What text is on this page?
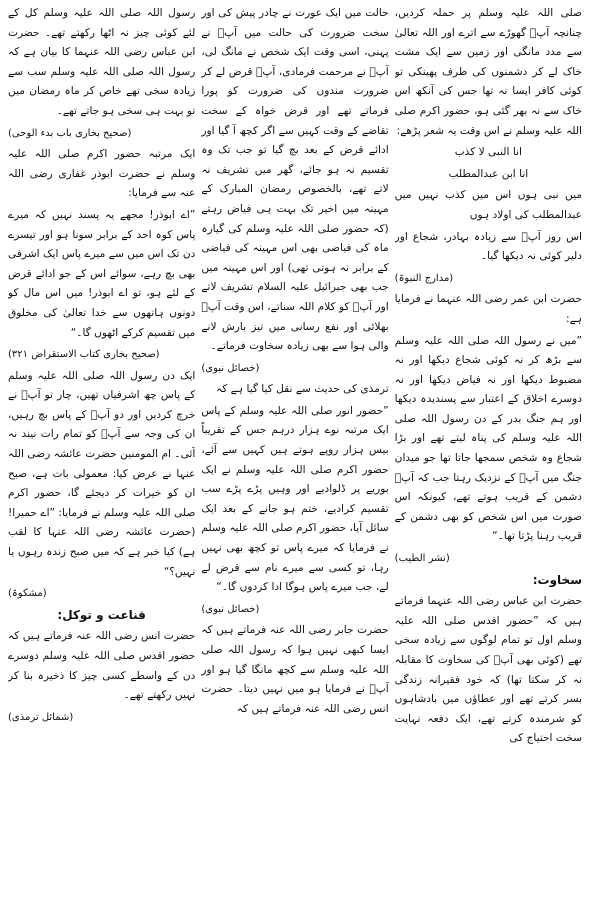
صلی اللہ علیہ وسلم پر حملہ کردیں، چنانچہ آپؐ گھوڑے سے اترے اور اللہ تعالیٰ سے مدد مانگی اور زمین سے ایک مشت خاک لے کر دشمنوں کی طرف پھینکی تو کوئی کافر ایسا نہ تھا جس کی آنکھ اس خاک سے نہ بھر گئی ہو، حضور اکرم صلی اللہ علیہ وسلم نے اس وقت یہ شعر پڑھے:

انا النبی لا کذب

انا ابن عبدالمطلب

میں نبی ہوں اس میں کذب نہیں میں عبدالمطلب کی اولاد ہوں

اس روز آپؐ سے زیادہ بہادر، شجاع اور دلیر کوئی نہ دیکھا گیا۔

(مدارج النبوۃ)

حضرت ابن عمر رضی اللہ عنہما نے فرمایا ہے:

”میں نے رسول اللہ صلی اللہ علیہ وسلم سے بڑھ کر نہ کوئی شجاع دیکھا اور نہ مضبوط دیکھا اور نہ فیاض دیکھا اور نہ دوسرے اخلاق کے اعتبار سے پسندیدہ دیکھا اور ہم جنگ بدر کے دن رسول اللہ صلی اللہ علیہ وسلم کی پناہ لیتے تھے اور بڑا شجاع وہ شخص سمجھا جاتا تھا جو میدان جنگ میں آپؐ کے نزدیک رہتا جب کہ آپؐ دشمن کے قریب ہوتے تھے، کیونکہ اس صورت میں اس شخص کو بھی دشمن کے قریب رہنا پڑتا تھا۔“

(نشر الطیب)

سخاوت:

حضرت ابن عباس رضی اللہ عنہما فرماتے ہیں کہ ”حضور اقدس صلی اللہ علیہ وسلم اول تو تمام لوگوں سے زیادہ سخی تھے (کوئی بھی آپؐ کی سخاوت کا مقابلہ نہ کر سکتا تھا) کہ خود فقیرانہ زندگی بسر کرتے تھے اور عطاؤں میں بادشاہوں کو شرمندہ کرتے تھے، ایک دفعہ نہایت سخت احتیاج کی

حالت میں ایک عورت نے چادر پیش کی اور سخت ضرورت کی حالت میں آپؐ نے پہنی، اسی وقت ایک شخص نے مانگ لی، آپؐ نے مرحمت فرمادی، آپؐ قرض لے کر ضرورت مندوں کی ضرورت کو پورا فرماتے تھے اور قرض خواہ کے سخت تقاضے کے وقت کہیں سے اگر کچھ آ گیا اور ادائے قرض کے بعد بچ گیا تو جب تک وہ تقسیم نہ ہو جائے، گھر میں تشریف نہ لاتے تھے، بالخصوص رمضان المبارک کے مہینہ میں اخیر تک بہت ہی فیاض رہتے (کہ حضور صلی اللہ علیہ وسلم کی گیارہ ماہ کی فیاضی بھی اس مہینہ کی فیاضی کے برابر نہ ہوتی تھی) اور اس مہینہ میں جب بھی جبرائیل علیہ السلام تشریف لاتے اور آپؐ کو کلام اللہ سناتے، اس وقت آپؐ بھلائی اور نفع رسانی میں تیز بارش لانے والی ہوا سے بھی زیادہ سخاوت فرماتے۔

(خصائل نبوی)

ترمذی کی حدیث سے نقل کیا گیا ہے کہ

”حضور انور صلی اللہ علیہ وسلم کے پاس ایک مرتبہ نوے ہزار درہم جس کے تقریباً بیس ہزار روپے ہوتے ہیں کہیں سے آئے، حضور اکرم صلی اللہ علیہ وسلم نے ایک بوریے پر ڈلوادیے اور وہیں پڑے پڑے سب تقسیم کرادیے، ختم ہو جانے کے بعد ایک سائل آیا، حضور اکرم صلی اللہ علیہ وسلم نے فرمایا کہ میرے پاس تو کچھ بھی نہیں رہا، تو کسی سے میرے نام سے قرض لے لے، جب میرے پاس ہوگا ادا کردوں گا۔“

(خصائل نبوی)

حضرت جابر رضی اللہ عنہ فرماتے ہیں کہ ایسا کبھی نہیں ہوا کہ رسول اللہ صلی اللہ علیہ وسلم سے کچھ مانگا گیا ہو اور آپؐ نے فرمایا ہو میں نہیں دیتا۔ حضرت انس رضی اللہ عنہ فرماتے ہیں کہ

رسول اللہ صلی اللہ علیہ وسلم کل کے لئے کوئی چیز نہ اٹھا رکھتے تھے۔ حضرت ابن عباس رضی اللہ عنہما کا بیان ہے کہ رسول اللہ صلی اللہ علیہ وسلم سب سے زیادہ سخی تھے خاص کر ماہ رمضان میں تو بہت ہی سخی ہو جاتے تھے۔

(صحیح بخاری باب بدء الوحی)

ایک مرتبہ حضور اکرم صلی اللہ علیہ وسلم نے حضرت ابوذر غفاری رضی اللہ عنہ سے فرمایا:

”اے ابوذر! مجھے یہ پسند نہیں کہ میرے پاس کوہ احد کے برابر سونا ہو اور تیسرے دن تک اس میں سے میرے پاس ایک اشرفی بھی بچ رہے، سوائے اس کے جو ادائے قرض کے لئے ہو، تو اے ابوذر! میں اس مال کو دونوں ہاتھوں سے خدا تعالیٰ کی مخلوق میں تقسیم کرکے اٹھوں گا۔“

(صحیح بخاری کتاب الاستقراض ۳۲۱)

ایک دن رسول اللہ صلی اللہ علیہ وسلم کے پاس چھ اشرفیاں تھیں، چار تو آپؐ نے خرچ کردیں اور دو آپؐ کے پاس بچ رہیں، ان کی وجہ سے آپؐ کو تمام رات نیند نہ آئی۔ ام المومنین حضرت عائشہ رضی اللہ عنہا نے عرض کیا: معمولی بات ہے، صبح ان کو خیرات کر دیجئے گا، حضور اکرم صلی اللہ علیہ وسلم نے فرمایا: ”اے حمیرا! (حضرت عائشہ رضی اللہ عنہا کا لقب ہے) کیا خبر ہے کہ میں صبح زندہ رہوں یا نہیں؟“

(مشکوۃ)

قناعت و توکل:

حضرت انس رضی اللہ عنہ فرماتے ہیں کہ حضور اقدس صلی اللہ علیہ وسلم دوسرے دن کے واسطے کسی چیز کا ذخیرہ بنا کر نہیں رکھتے تھے۔

(شمائل ترمذی)
